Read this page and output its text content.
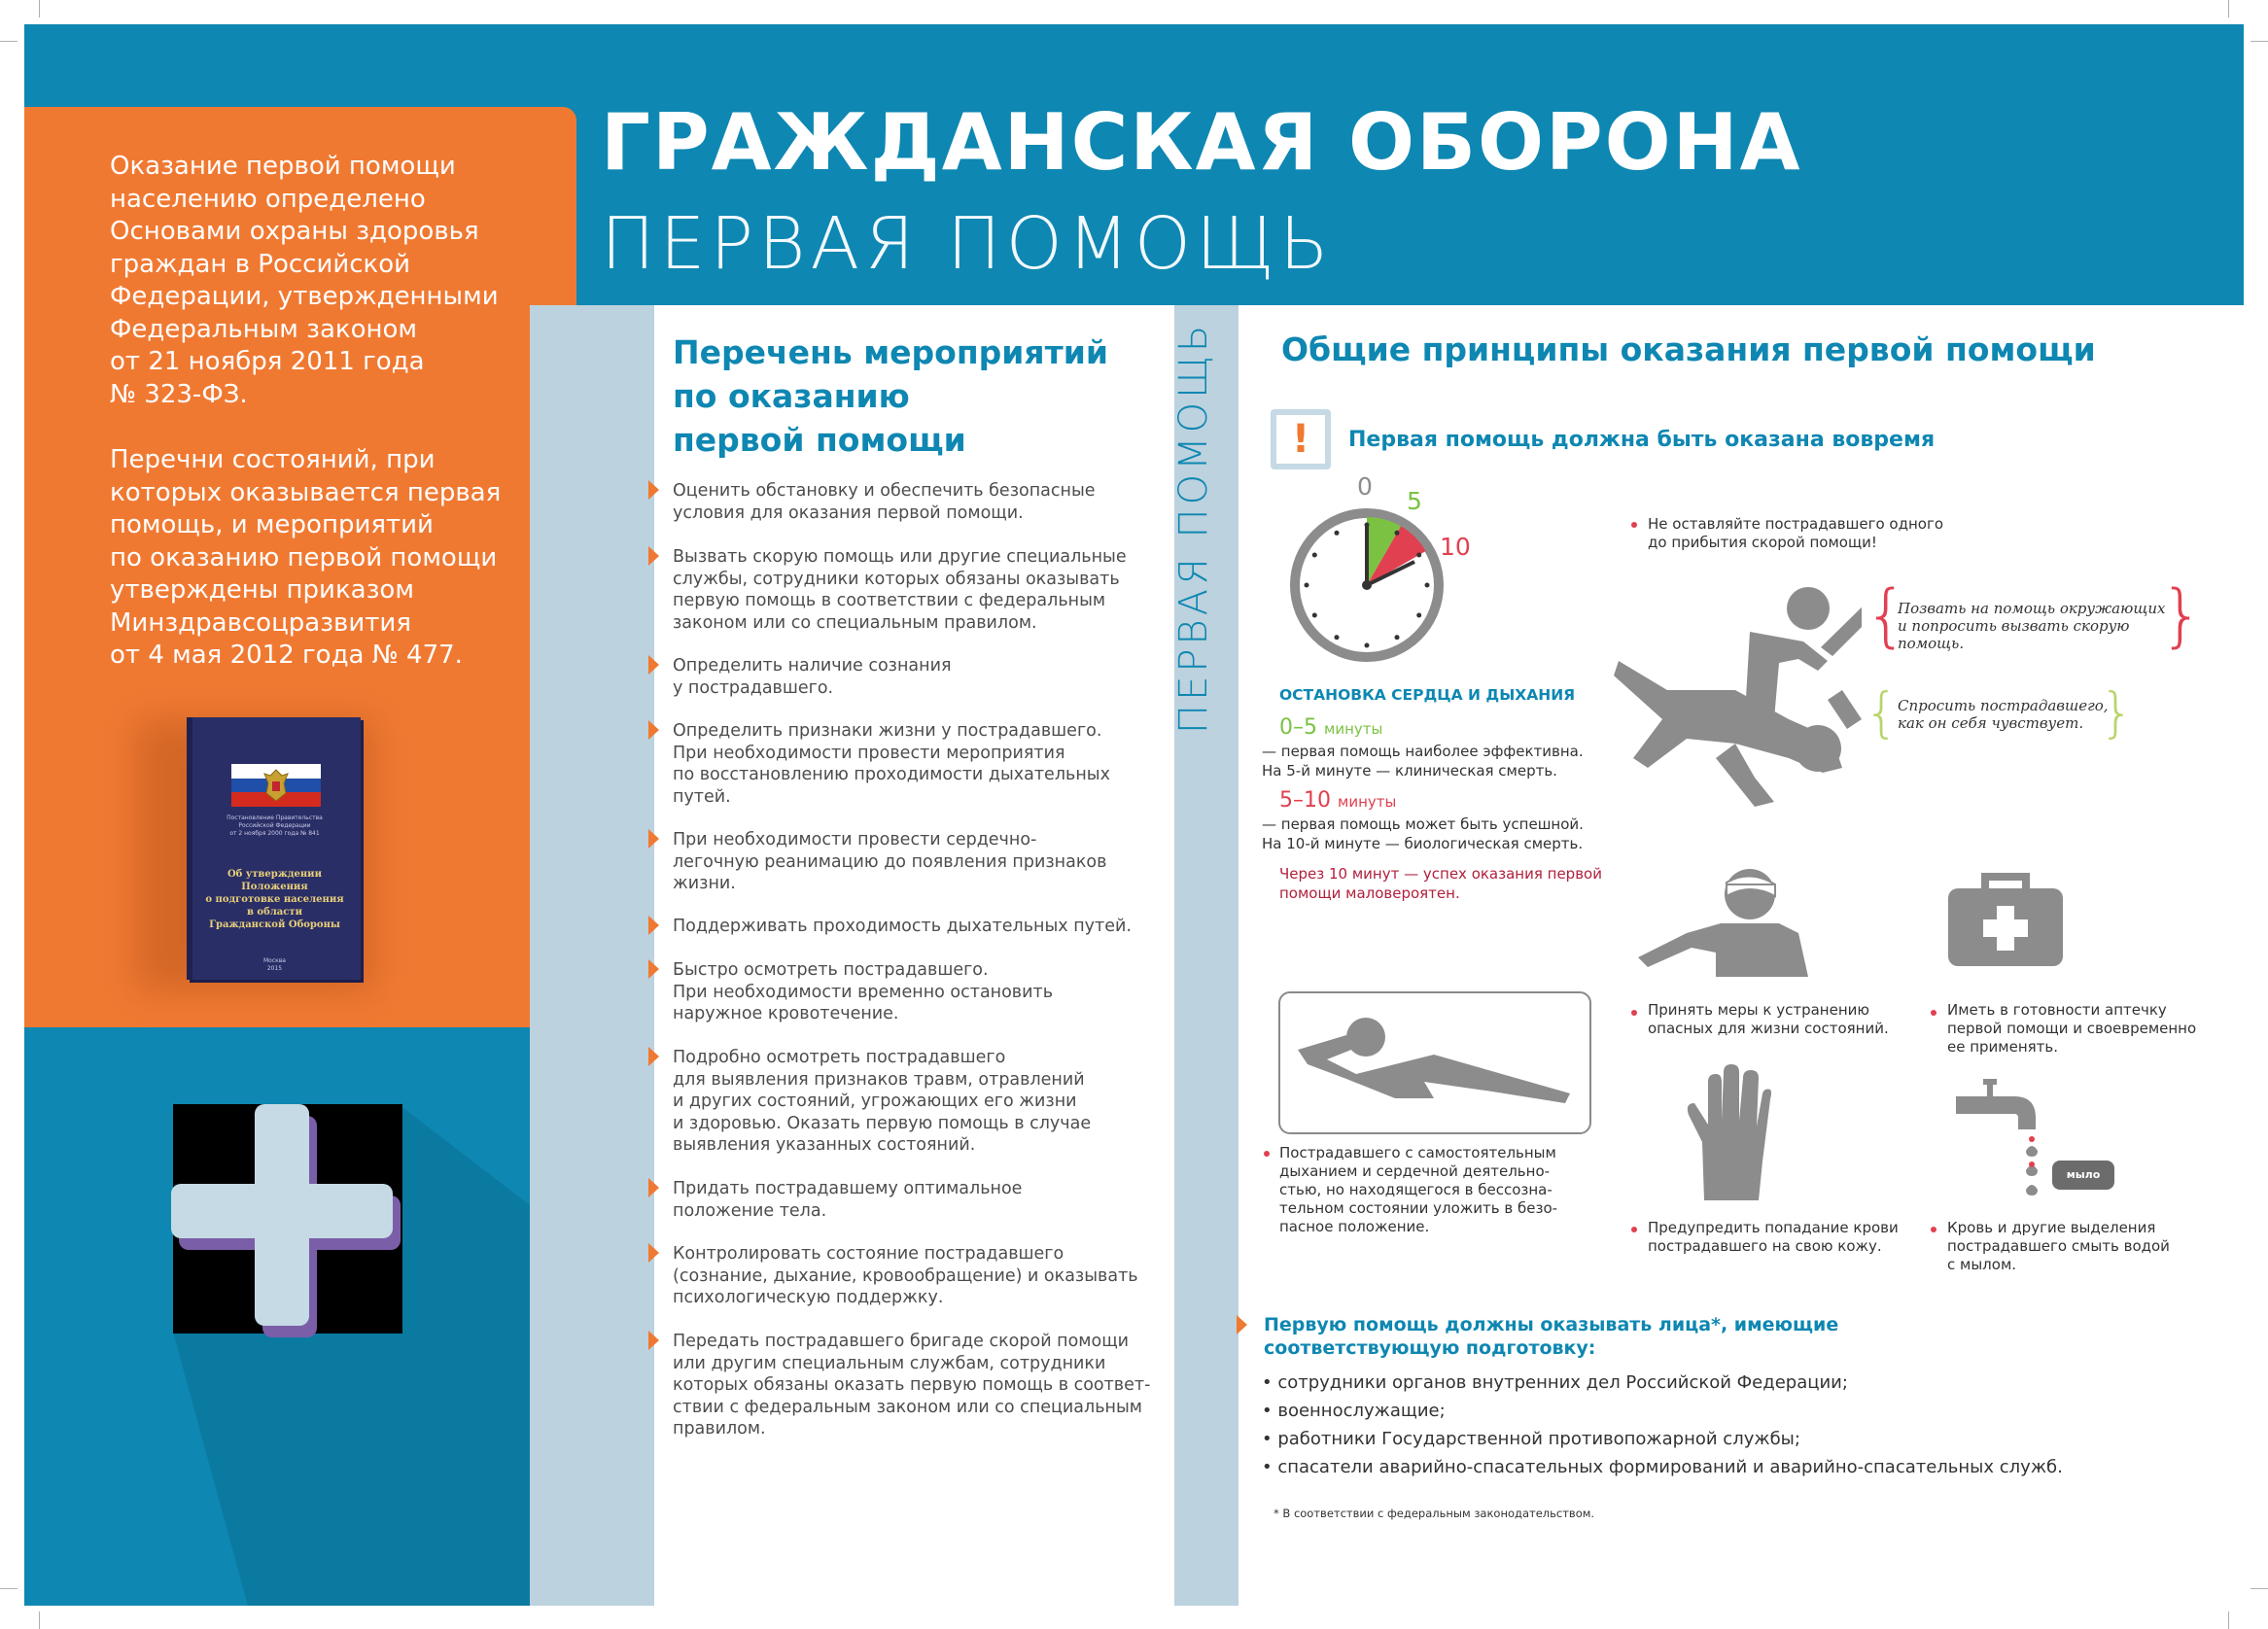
ГРАЖДАНСКАЯ ОБОРОНА
ПЕРВАЯ ПОМОЩЬ
Оказание первой помощи
населению определено
Основами охраны здоровья
граждан в Российской
Федерации, утвержденными
Федеральным законом
от 21 ноября 2011 года
№ 323-ФЗ.
Перечни состояний, при
которых оказывается первая
помощь, и мероприятий
по оказанию первой помощи
утверждены приказом
Минздравсоцразвития
от 4 мая 2012 года № 477.
Постановление Правительства
Российской Федерации
от 2 ноября 2000 года № 841
Об утверждении Положения
о подготовке населения
в области
Гражданской Обороны
Москва
2015
ПЕРВАЯ ПОМОЩЬ
Перечень мероприятий
по оказанию
первой помощи
Оценить обстановку и обеспечить безопасные
условия для оказания первой помощи.
Вызвать скорую помощь или другие специальные
службы, сотрудники которых обязаны оказывать
первую помощь в соответствии с федеральным
законом или со специальным правилом.
Определить наличие сознания
у пострадавшего.
Определить признаки жизни у пострадавшего.
При необходимости провести мероприятия
по восстановлению проходимости дыхательных
путей.
При необходимости провести сердечно-
легочную реанимацию до появления признаков
жизни.
Поддерживать проходимость дыхательных путей.
Быстро осмотреть пострадавшего.
При необходимости временно остановить
наружное кровотечение.
Подробно осмотреть пострадавшего
для выявления признаков травм, отравлений
и других состояний, угрожающих его жизни
и здоровью. Оказать первую помощь в случае
выявления указанных состояний.
Придать пострадавшему оптимальное
положение тела.
Контролировать состояние пострадавшего
(сознание, дыхание, кровообращение) и оказывать
психологическую поддержку.
Передать пострадавшего бригаде скорой помощи
или другим специальным службам, сотрудники
которых обязаны оказать первую помощь в соответ-
ствии с федеральным законом или со специальным
правилом.
Общие принципы оказания первой помощи
!	Первая помощь должна быть оказана вовремя
0
5
10
ОСТАНОВКА СЕРДЦА И ДЫХАНИЯ
0–5 минуты
— первая помощь наиболее эффективна.
На 5-й минуте — клиническая смерть.
5–10 минуты
— первая помощь может быть успешной.
На 10-й минуте — биологическая смерть.
Через 10 минут — успех оказания первой
помощи маловероятен.
Не оставляйте пострадавшего одного
до прибытия скорой помощи!
{
Позвать на помощь окружающих
и попросить вызвать скорую
помощь.	}
{ Спросить пострадавшего,
как он себя чувствует. }
Принять меры к устранению
опасных для жизни состояний.
Иметь в готовности аптечку
первой помощи и своевременно
ее применять.
Пострадавшего с самостоятельным
дыханием и сердечной деятельно-
стью, но находящегося в бессозна-
тельном состоянии уложить в безо-
пасное положение.	Предупредить попадание крови
пострадавшего на свою кожу.
мыло
Кровь и другие выделения
пострадавшего смыть водой
с мылом.
Первую помощь должны оказывать лица*, имеющие
соответствующую подготовку:
• сотрудники органов внутренних дел Российской Федерации;
• военнослужащие;
• работники Государственной противопожарной службы;
• спасатели аварийно-спасательных формирований и аварийно-спасательных служб.
* В соответствии с федеральным законодательством.
